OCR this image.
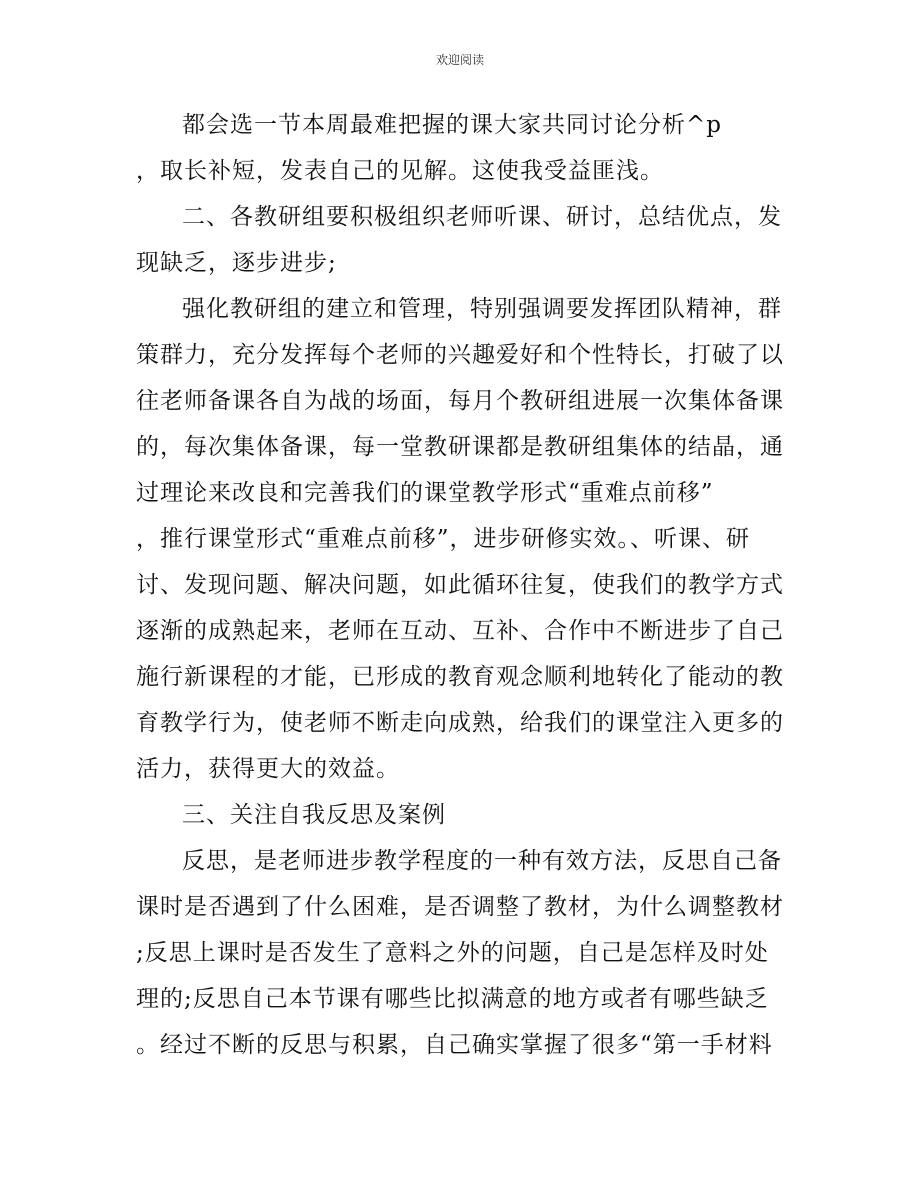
欢迎阅读
都会选一节本周最难把握的课大家共同讨论分析^p
，取长补短，发表自己的见解。这使我受益匪浅。
二、各教研组要积极组织老师听课、研讨，总结优点，发
现缺乏，逐步进步;
强化教研组的建立和管理，特别强调要发挥团队精神，群
策群力，充分发挥每个老师的兴趣爱好和个性特长，打破了以
往老师备课各自为战的场面，每月个教研组进展一次集体备课
的，每次集体备课，每一堂教研课都是教研组集体的结晶，通
过理论来改良和完善我们的课堂教学形式“重难点前移”
，推行课堂形式“重难点前移”，进步研修实效。、听课、研
讨、发现问题、解决问题，如此循环往复，使我们的教学方式
逐渐的成熟起来，老师在互动、互补、合作中不断进步了自己
施行新课程的才能，已形成的教育观念顺利地转化了能动的教
育教学行为，使老师不断走向成熟，给我们的课堂注入更多的
活力，获得更大的效益。
三、关注自我反思及案例
反思，是老师进步教学程度的一种有效方法，反思自己备
课时是否遇到了什么困难，是否调整了教材，为什么调整教材
;反思上课时是否发生了意料之外的问题，自己是怎样及时处
理的;反思自己本节课有哪些比拟满意的地方或者有哪些缺乏
。经过不断的反思与积累，自己确实掌握了很多“第一手材料
